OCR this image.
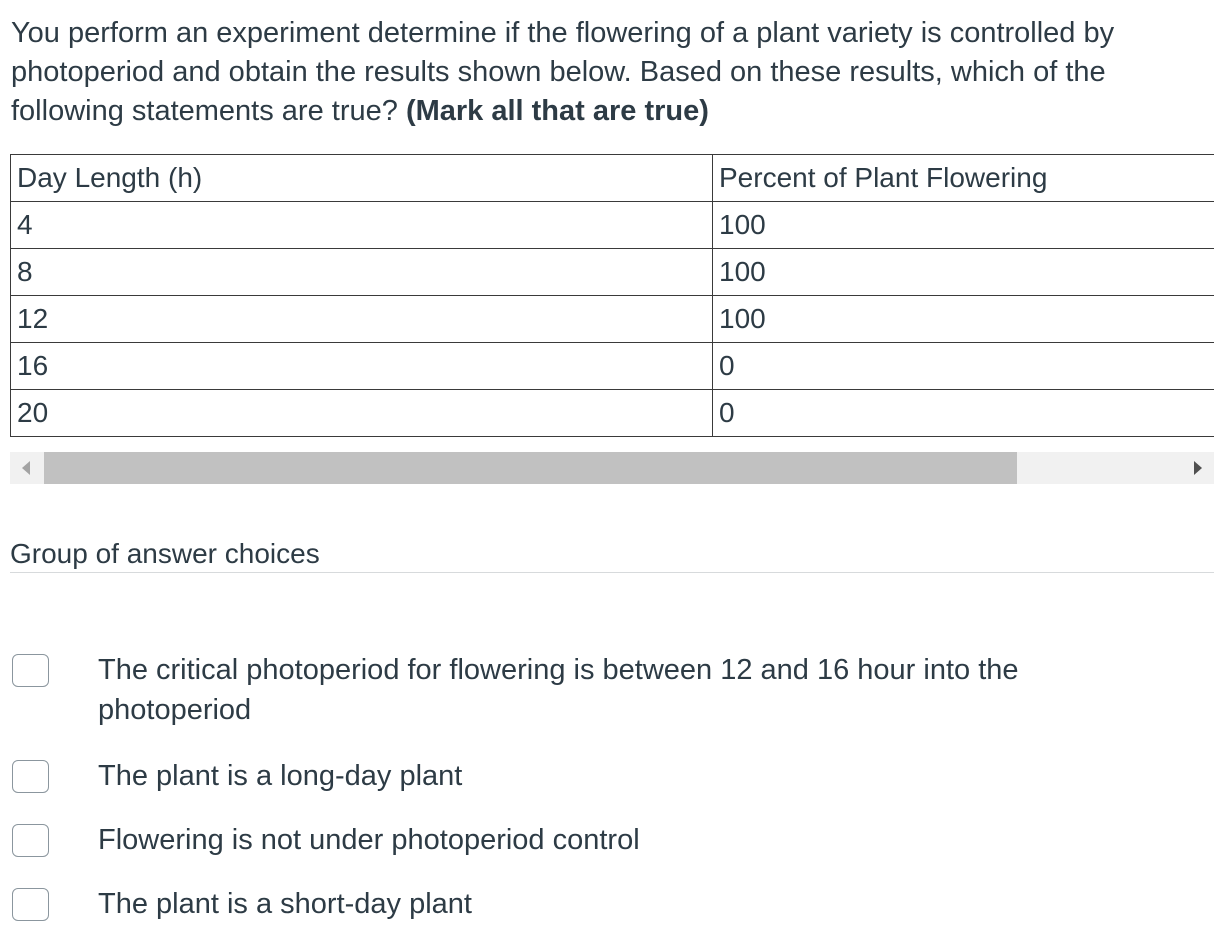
You perform an experiment determine if the flowering of a plant variety is controlled by photoperiod and obtain the results shown below. Based on these results, which of the following statements are true? (Mark all that are true)

Day Length (h)	Percent of Plant Flowering
4	100
8	100
12	100
16	0
20	0
Group of answer choices
The critical photoperiod for flowering is between 12 and 16 hour into the photoperiod
The plant is a long-day plant
Flowering is not under photoperiod control
The plant is a short-day plant
